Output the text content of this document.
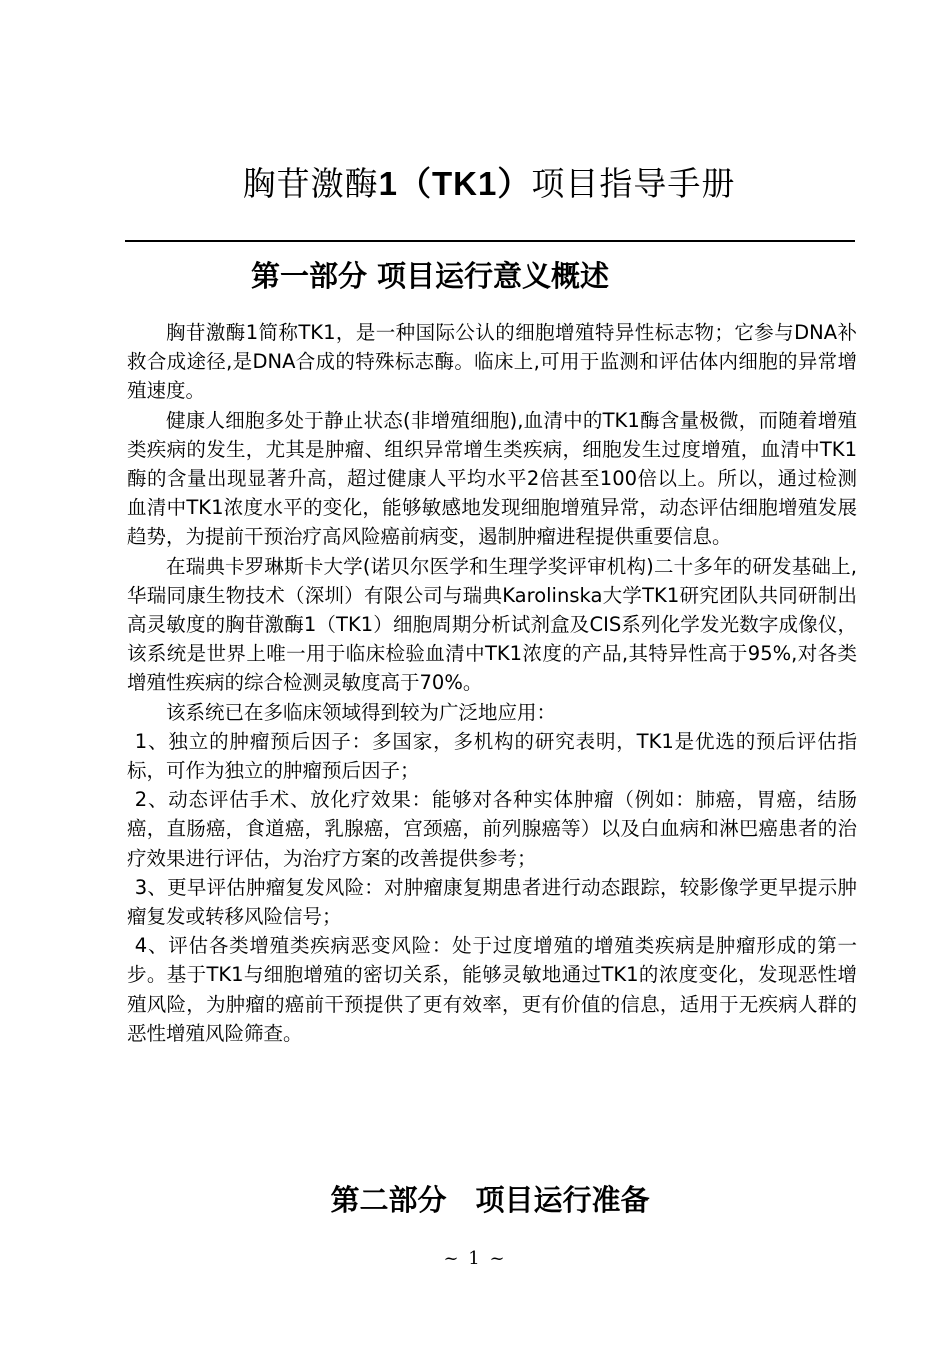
胸苷激酶1（TK1）项目指导手册
第一部分 项目运行意义概述

胸苷激酶1简称TK1，是一种国际公认的细胞增殖特异性标志物；它参与DNA补救合成途径,是DNA合成的特殊标志酶。临床上,可用于监测和评估体内细胞的异常增殖速度。

健康人细胞多处于静止状态(非增殖细胞),血清中的TK1酶含量极微，而随着增殖类疾病的发生，尤其是肿瘤、组织异常增生类疾病，细胞发生过度增殖，血清中TK1酶的含量出现显著升高，超过健康人平均水平2倍甚至100倍以上。所以，通过检测血清中TK1浓度水平的变化，能够敏感地发现细胞增殖异常，动态评估细胞增殖发展趋势，为提前干预治疗高风险癌前病变，遏制肿瘤进程提供重要信息。

在瑞典卡罗琳斯卡大学(诺贝尔医学和生理学奖评审机构)二十多年的研发基础上,华瑞同康生物技术（深圳）有限公司与瑞典Karolinska大学TK1研究团队共同研制出高灵敏度的胸苷激酶1（TK1）细胞周期分析试剂盒及CIS系列化学发光数字成像仪，该系统是世界上唯一用于临床检验血清中TK1浓度的产品,其特异性高于95%,对各类增殖性疾病的综合检测灵敏度高于70%。

该系统已在多临床领域得到较为广泛地应用：

1、独立的肿瘤预后因子：多国家，多机构的研究表明，TK1是优选的预后评估指标，可作为独立的肿瘤预后因子；

2、动态评估手术、放化疗效果：能够对各种实体肿瘤（例如：肺癌，胃癌，结肠癌，直肠癌，食道癌，乳腺癌，宫颈癌，前列腺癌等）以及白血病和淋巴癌患者的治疗效果进行评估，为治疗方案的改善提供参考；

3、更早评估肿瘤复发风险：对肿瘤康复期患者进行动态跟踪，较影像学更早提示肿瘤复发或转移风险信号；

4、评估各类增殖类疾病恶变风险：处于过度增殖的增殖类疾病是肿瘤形成的第一步。基于TK1与细胞增殖的密切关系，能够灵敏地通过TK1的浓度变化，发现恶性增殖风险，为肿瘤的癌前干预提供了更有效率，更有价值的信息，适用于无疾病人群的恶性增殖风险筛查。

第二部分　项目运行准备
~ 1 ~
